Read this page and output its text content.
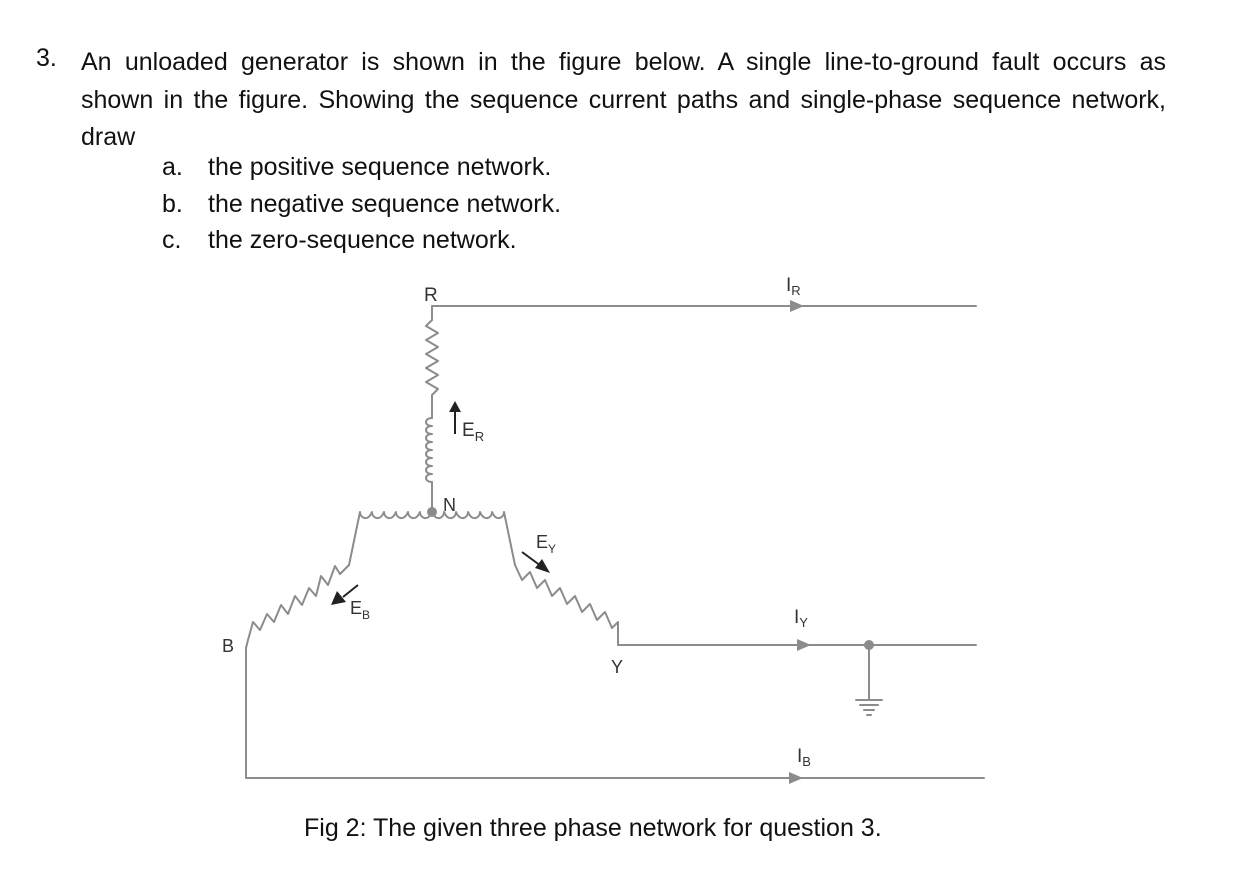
3. An unloaded generator is shown in the figure below. A single line-to-ground fault occurs as
shown in the figure. Showing the sequence current paths and single-phase sequence network,
draw
a.	the positive sequence network.
b.	the negative sequence network.
c.	the zero-sequence network.
R
N
B
Y
$E_R$
$E_Y$
$E_B$
$I_R$
$I_Y$
$I_B$
Fig 2: The given three phase network for question 3.
